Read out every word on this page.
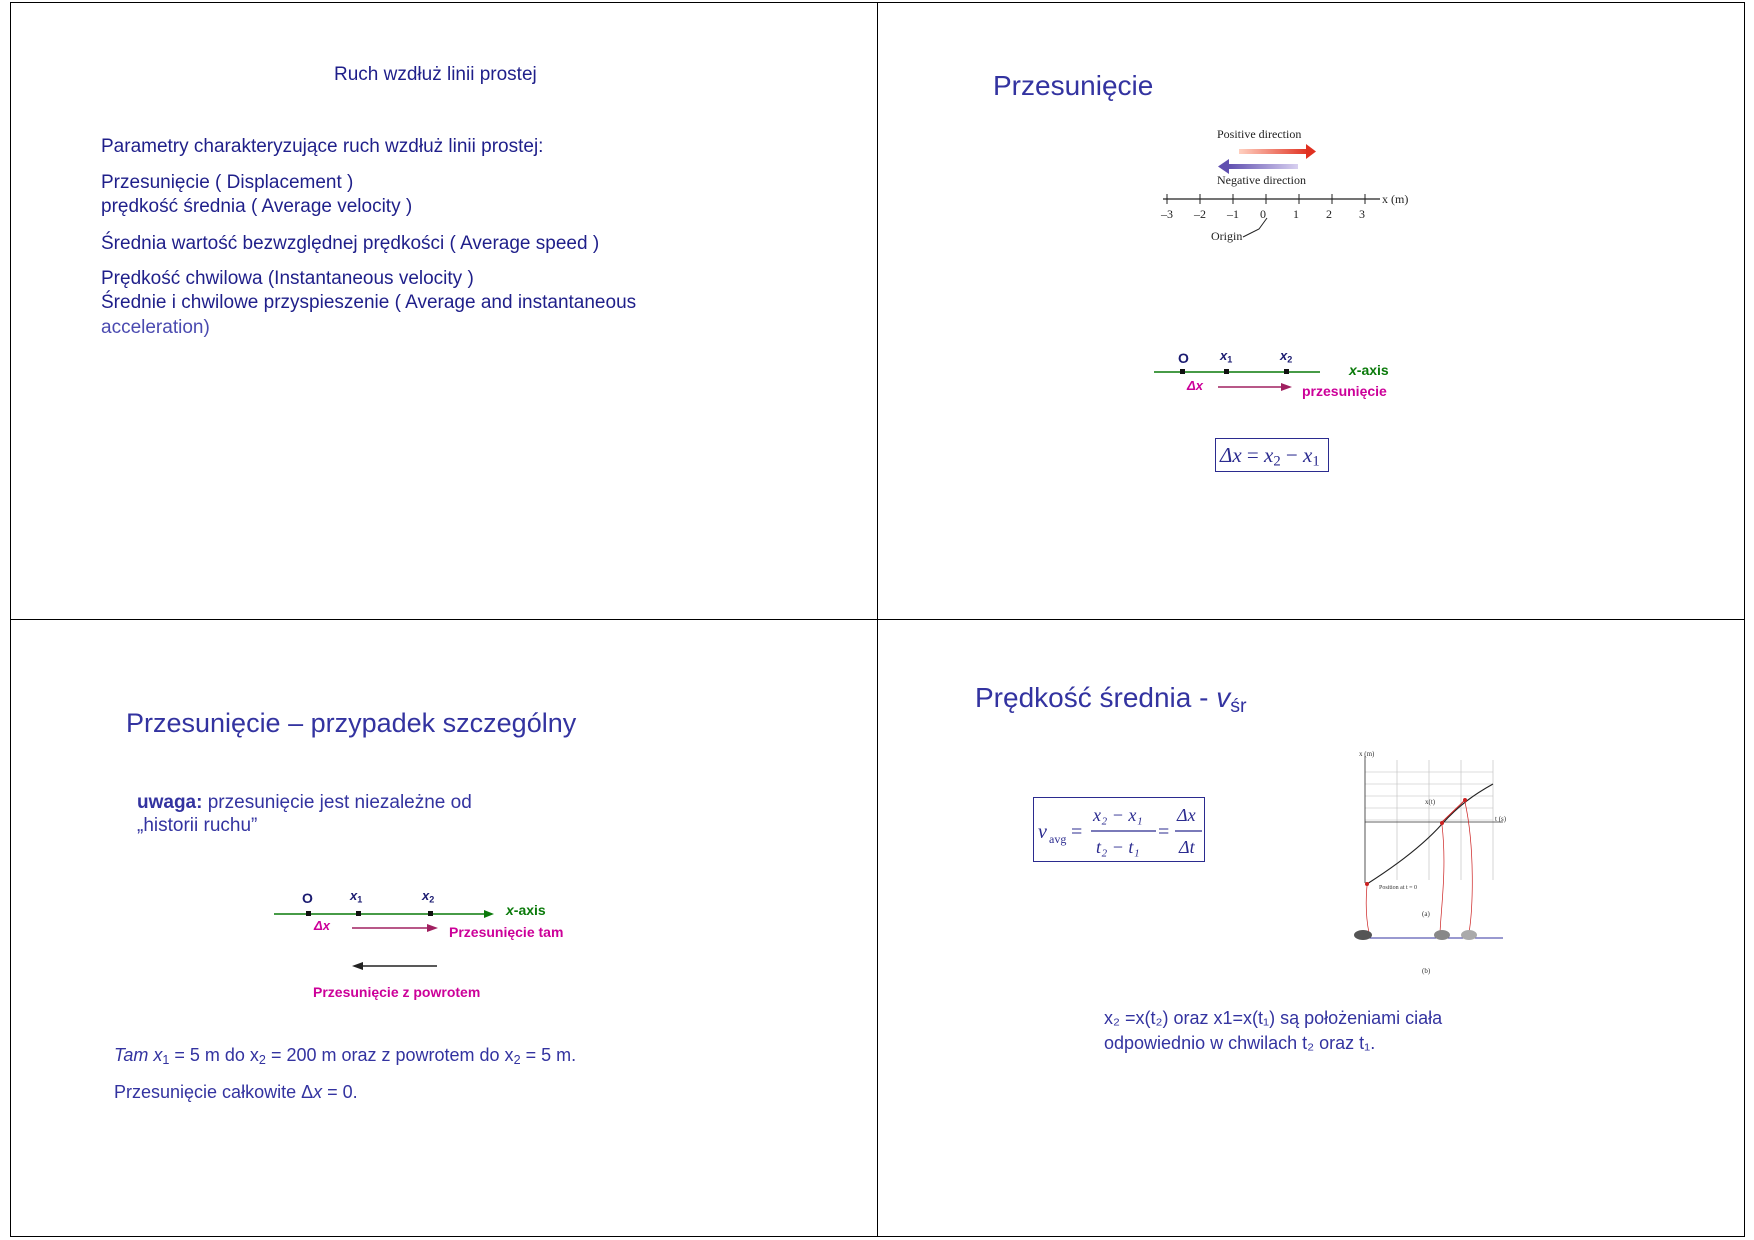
Ruch wzdłuż linii prostej
Parametry charakteryzujące ruch wzdłuż linii prostej:
Przesunięcie ( Displacement )
prędkość średnia ( Average velocity )
Średnia wartość bezwzględnej prędkości ( Average speed )
Prędkość chwilowa (Instantaneous velocity )
Średnie i chwilowe przyspieszenie ( Average and instantaneous
acceleration)
Przesunięcie
Positive direction
Negative direction
–3 –2 –1 0 1 2 3
x (m)
Origin
O $x_1$	$x_2$
x-axis
Δx	przesunięcie
$\Delta x = x_2 - x_1$
Przesunięcie – przypadek szczególny
uwaga: przesunięcie jest niezależne od
„historii ruchu”
O	$x_1$	$x_2$
x-axis
Δx	Przesunięcie tam
Przesunięcie z powrotem
Tam $x_1 = 5$ m do $x_2 = 200$ m oraz z powrotem do $x_2 = 5$ m.
Przesunięcie całkowite Δx = 0.
Prędkość średnia - $v_{śr}$
v avg =
x₂ − x₁
t₂ − t₁
=
Δx
Δt
x (m)
t (s)
x(t)
Position at t = 0
(a)
(b)
x₂ =x(t₂) oraz x1=x(t₁) są położeniami ciała
odpowiednio w chwilach t₂ oraz t₁.
